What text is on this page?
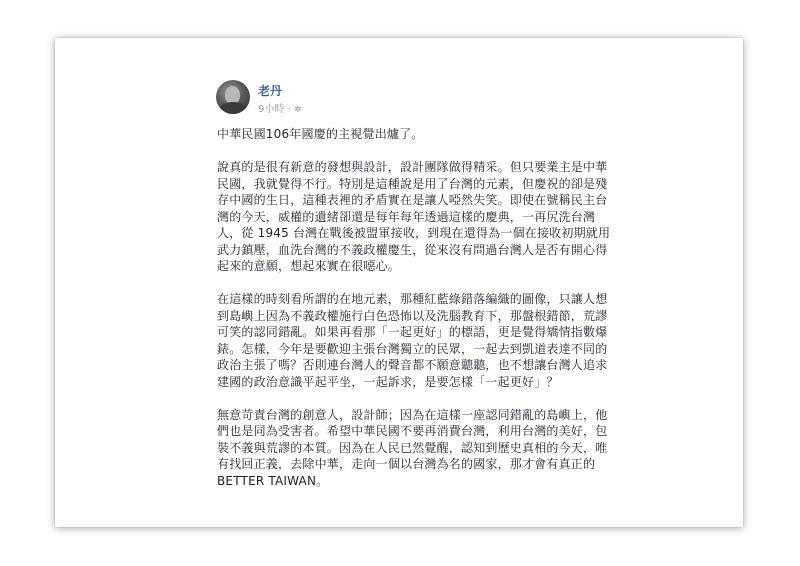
老丹
9小時 · ✲
中華民國106年國慶的主視覺出爐了。
說真的是很有新意的發想與設計，設計團隊做得精采。但只要業主是中華
民國，我就覺得不行。特別是這種說是用了台灣的元素，但慶祝的卻是殘
存中國的生日，這種表裡的矛盾實在是讓人啞然失笑。即使在號稱民主台
灣的今天，威權的遺緒卻還是每年每年透過這樣的慶典，一再尻洗台灣
人，從 1945 台灣在戰後被盟軍接收，到現在還得為一個在接收初期就用
武力鎮壓，血洗台灣的不義政權慶生，從來沒有問過台灣人是否有開心得
起來的意願，想起來實在很噁心。
在這樣的時刻看所謂的在地元素，那種紅藍綠錯落編織的圖像，只讓人想
到島嶼上因為不義政權施行白色恐怖以及洗腦教育下，那盤根錯節，荒謬
可笑的認同錯亂。如果再看那「一起更好」的標語，更是覺得矯情指數爆
錶。怎樣，今年是要歡迎主張台灣獨立的民眾，一起去到凱道表達不同的
政治主張了嗎？否則連台灣人的聲音都不願意聽聽，也不想讓台灣人追求
建國的政治意識平起平坐，一起訴求，是要怎樣「一起更好」？
無意苛責台灣的創意人，設計師；因為在這樣一座認同錯亂的島嶼上，他
們也是同為受害者。希望中華民國不要再消費台灣，利用台灣的美好，包
裝不義與荒謬的本質。因為在人民已然覺醒，認知到歷史真相的今天，唯
有找回正義，去除中華，走向一個以台灣為名的國家，那才會有真正的
BETTER TAIWAN。
